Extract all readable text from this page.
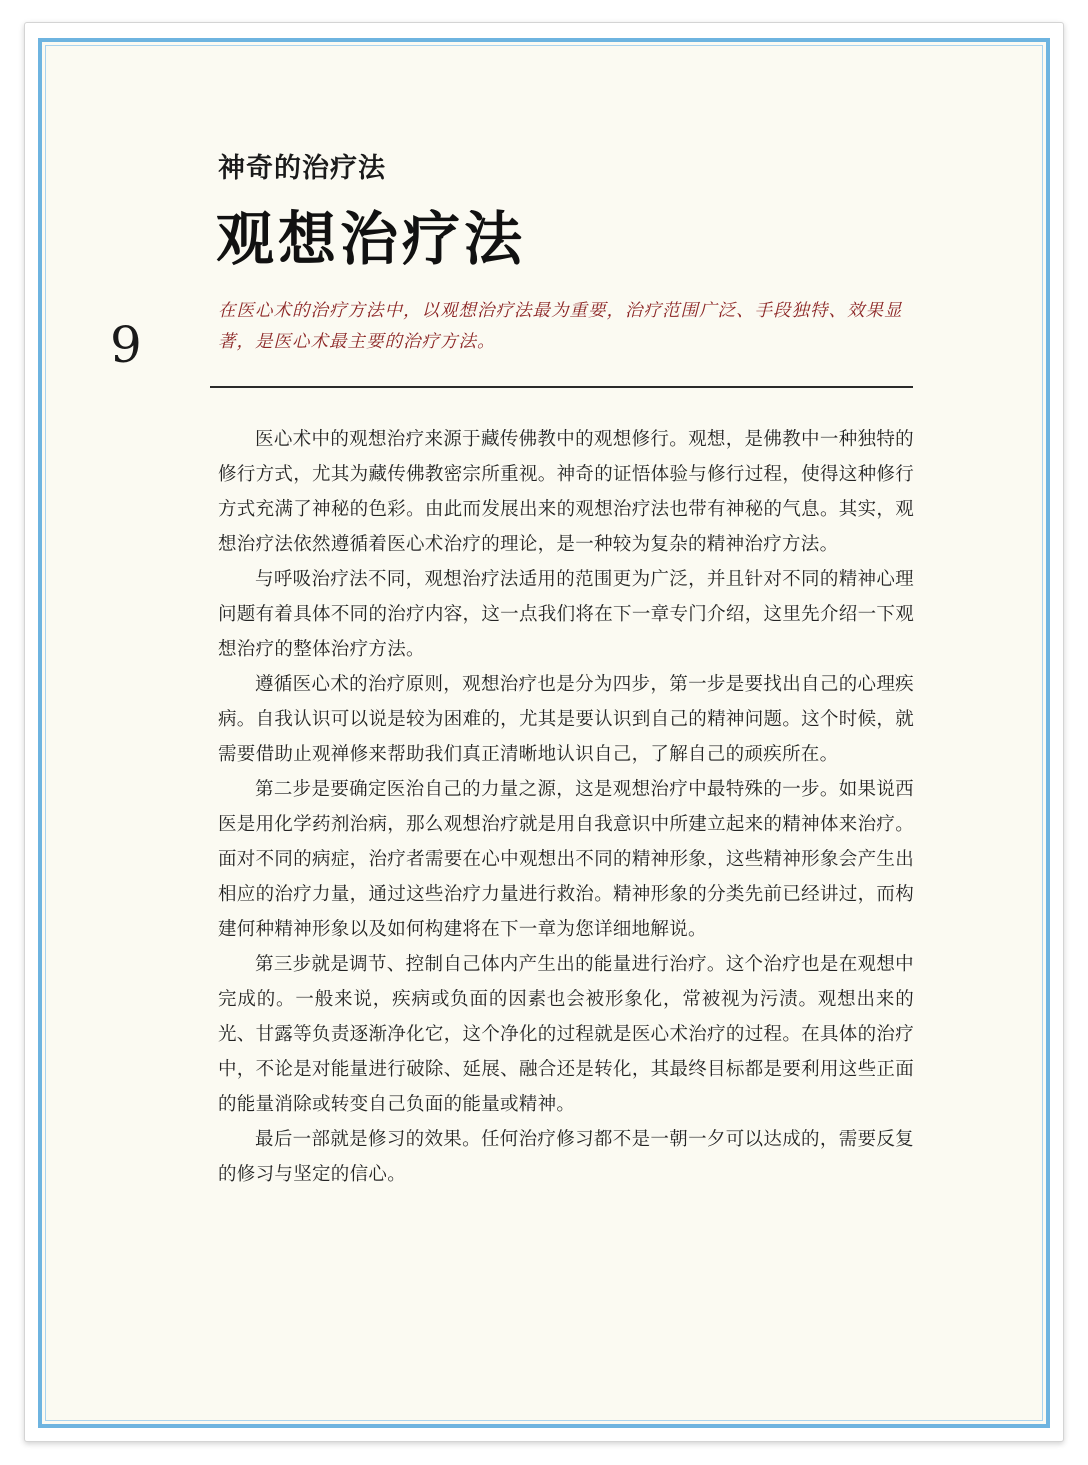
神奇的治疗法
观想治疗法
9
在医心术的治疗方法中，以观想治疗法最为重要，治疗范围广泛、手段独特、效果显著，是医心术最主要的治疗方法。

医心术中的观想治疗来源于藏传佛教中的观想修行。观想，是佛教中一种独特的修行方式，尤其为藏传佛教密宗所重视。神奇的证悟体验与修行过程，使得这种修行方式充满了神秘的色彩。由此而发展出来的观想治疗法也带有神秘的气息。其实，观想治疗法依然遵循着医心术治疗的理论，是一种较为复杂的精神治疗方法。

与呼吸治疗法不同，观想治疗法适用的范围更为广泛，并且针对不同的精神心理问题有着具体不同的治疗内容，这一点我们将在下一章专门介绍，这里先介绍一下观想治疗的整体治疗方法。

遵循医心术的治疗原则，观想治疗也是分为四步，第一步是要找出自己的心理疾病。自我认识可以说是较为困难的，尤其是要认识到自己的精神问题。这个时候，就需要借助止观禅修来帮助我们真正清晰地认识自己，了解自己的顽疾所在。

第二步是要确定医治自己的力量之源，这是观想治疗中最特殊的一步。如果说西医是用化学药剂治病，那么观想治疗就是用自我意识中所建立起来的精神体来治疗。面对不同的病症，治疗者需要在心中观想出不同的精神形象，这些精神形象会产生出相应的治疗力量，通过这些治疗力量进行救治。精神形象的分类先前已经讲过，而构建何种精神形象以及如何构建将在下一章为您详细地解说。

第三步就是调节、控制自己体内产生出的能量进行治疗。这个治疗也是在观想中完成的。一般来说，疾病或负面的因素也会被形象化，常被视为污渍。观想出来的光、甘露等负责逐渐净化它，这个净化的过程就是医心术治疗的过程。在具体的治疗中，不论是对能量进行破除、延展、融合还是转化，其最终目标都是要利用这些正面的能量消除或转变自己负面的能量或精神。

最后一部就是修习的效果。任何治疗修习都不是一朝一夕可以达成的，需要反复的修习与坚定的信心。
